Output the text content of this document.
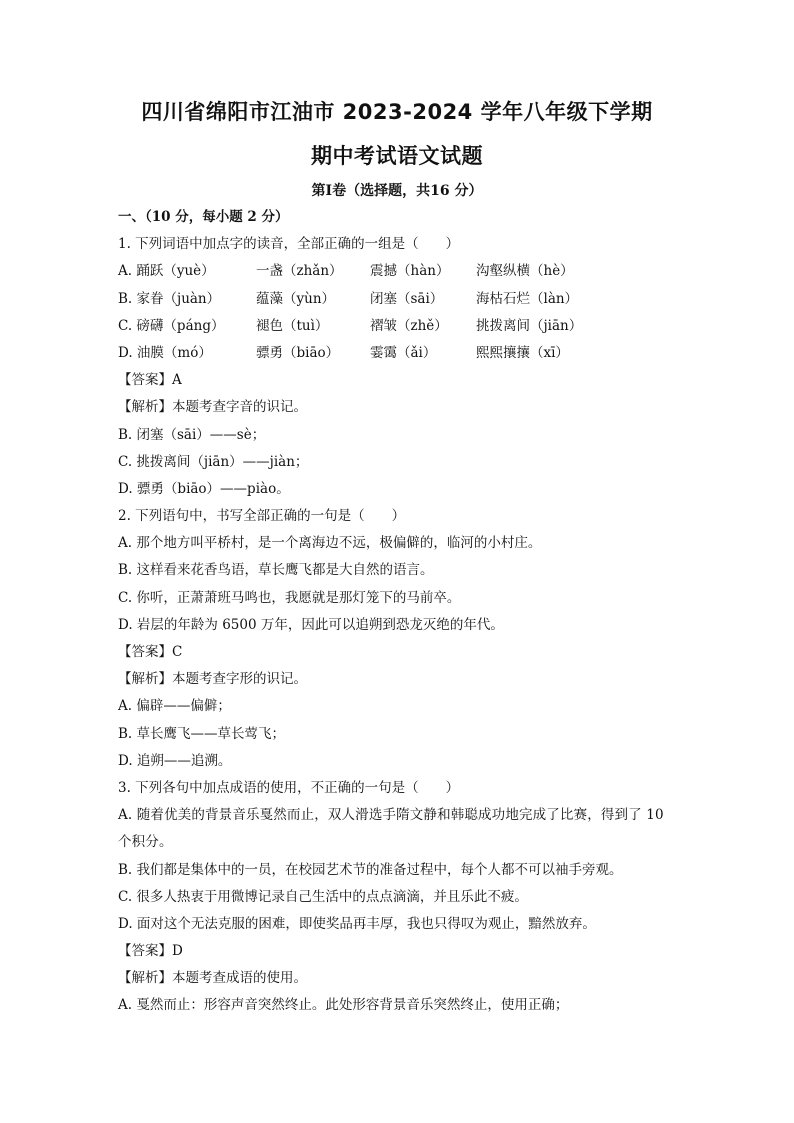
四川省绵阳市江油市 2023-2024 学年八年级下学期
期中考试语文试题
第Ⅰ卷（选择题，共16 分）
一、（10 分，每小题 2 分）
1. 下列词语中加点字的读音，全部正确的一组是（　　）
A. 踊跃（yuè）	一盏（zhǎn） 震撼（hàn） 沟壑纵横（hè）
B. 家眷（juàn）	蕴藻（yùn）	闭塞（sāi） 海枯石烂（làn）
C. 磅礴（páng） 褪色（tuì）	褶皱（zhě） 挑拨离间（jiān）
D. 油膜（mó）	骠勇（biāo） 霎霭（ǎi）	熙熙攘攘（xī）
【答案】A
【解析】本题考查字音的识记。
B. 闭塞（sāi）——sè；
C. 挑拨离间（jiān）——jiàn；
D. 骠勇（biāo）——piào。
2. 下列语句中，书写全部正确的一句是（　　）
A. 那个地方叫平桥村，是一个离海边不远，极偏僻的，临河的小村庄。
B. 这样看来花香鸟语，草长鹰飞都是大自然的语言。
C. 你听，正萧萧班马鸣也，我愿就是那灯笼下的马前卒。
D. 岩层的年龄为 6500 万年，因此可以追朔到恐龙灭绝的年代。
【答案】C
【解析】本题考查字形的识记。
A. 偏辟——偏僻；
B. 草长鹰飞——草长莺飞；
D. 追朔——追溯。
3. 下列各句中加点成语的使用，不正确的一句是（　　）
A. 随着优美的背景音乐戛然而止，双人滑选手隋文静和韩聪成功地完成了比赛，得到了 10 个积分。
B. 我们都是集体中的一员，在校园艺术节的准备过程中，每个人都不可以袖手旁观。
C. 很多人热衷于用微博记录自己生活中的点点滴滴，并且乐此不疲。
D. 面对这个无法克服的困难，即使奖品再丰厚，我也只得叹为观止，黯然放弃。
【答案】D
【解析】本题考查成语的使用。
A. 戛然而止：形容声音突然终止。此处形容背景音乐突然终止，使用正确；
